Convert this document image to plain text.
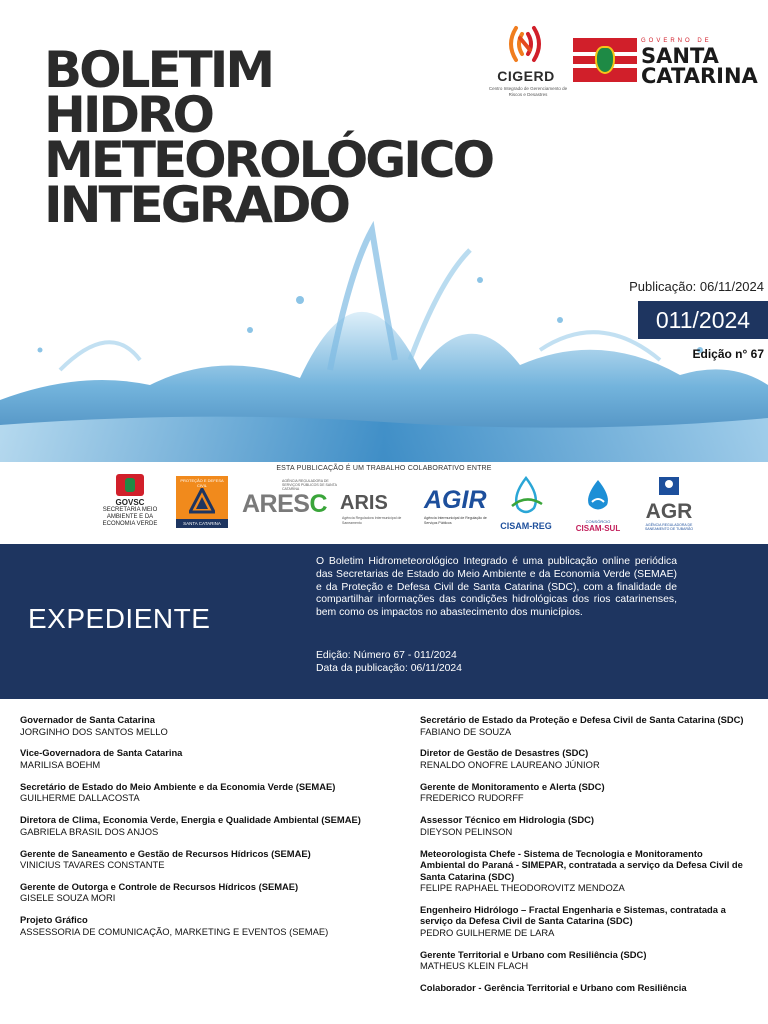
BOLETIM
HIDRO
METEOROLÓGICO
INTEGRADO
CIGERD
Centro Integrado de Gerenciamento de Riscos e Desastres
GOVERNO DE
SANTA
CATARINA
Publicação: 06/11/2024
011/2024
Edição n° 67
ESTA PUBLICAÇÃO É UM TRABALHO COLABORATIVO ENTRE
GOVSC
SECRETARIA MEIO AMBIENTE E DA ECONOMIA VERDE
PROTEÇÃO E DEFESA CIVIL
SANTA CATARINA
AGÊNCIA REGULADORA DE SERVIÇOS PÚBLICOS DE SANTA CATARINA
ARESC ARIS
Agência Reguladora Intermunicipal de Saneamento
AGIR
Agência Intermunicipal de Regulação de Serviços Públicos	CISAM-REG	CONSÓRCIO
CISAM-SUL
AGR
AGÊNCIA REGULADORA DE SANEAMENTO DE TUBARÃO
EXPEDIENTE
O Boletim Hidrometeorológico Integrado é uma publicação online periódica das Secretarias de Estado do Meio Ambiente e da Economia Verde (SEMAE) e da Proteção e Defesa Civil de Santa Catarina (SDC), com a finalidade de compartilhar informações das condições hidrológicas dos rios catarinenses, bem como os impactos no abastecimento dos municípios.
Edição: Número 67 - 011/2024
Data da publicação: 06/11/2024
Governador de Santa Catarina
JORGINHO DOS SANTOS MELLO
Vice-Governadora de Santa Catarina
MARILISA BOEHM
Secretário de Estado do Meio Ambiente e da Economia Verde (SEMAE)
GUILHERME DALLACOSTA
Diretora de Clima, Economia Verde, Energia e Qualidade Ambiental (SEMAE)
GABRIELA BRASIL DOS ANJOS
Gerente de Saneamento e Gestão de Recursos Hídricos (SEMAE)
VINICIUS TAVARES CONSTANTE
Gerente de Outorga e Controle de Recursos Hídricos (SEMAE)
GISELE SOUZA MORI
Projeto Gráfico
ASSESSORIA DE COMUNICAÇÃO, MARKETING E EVENTOS (SEMAE)
Secretário de Estado da Proteção e Defesa Civil de Santa Catarina (SDC)
FABIANO DE SOUZA
Diretor de Gestão de Desastres (SDC)
RENALDO ONOFRE LAUREANO JÚNIOR
Gerente de Monitoramento e Alerta (SDC)
FREDERICO RUDORFF
Assessor Técnico em Hidrologia (SDC)
DIEYSON PELINSON
Meteorologista Chefe - Sistema de Tecnologia e Monitoramento Ambiental do Paraná - SIMEPAR, contratada a serviço da Defesa Civil de Santa Catarina (SDC)
FELIPE RAPHAEL THEODOROVITZ MENDOZA
Engenheiro Hidrólogo – Fractal Engenharia e Sistemas, contratada a serviço da Defesa Civil de Santa Catarina (SDC)
PEDRO GUILHERME DE LARA
Gerente Territorial e Urbano com Resiliência (SDC)
MATHEUS KLEIN FLACH
Colaborador - Gerência Territorial e Urbano com Resiliência
